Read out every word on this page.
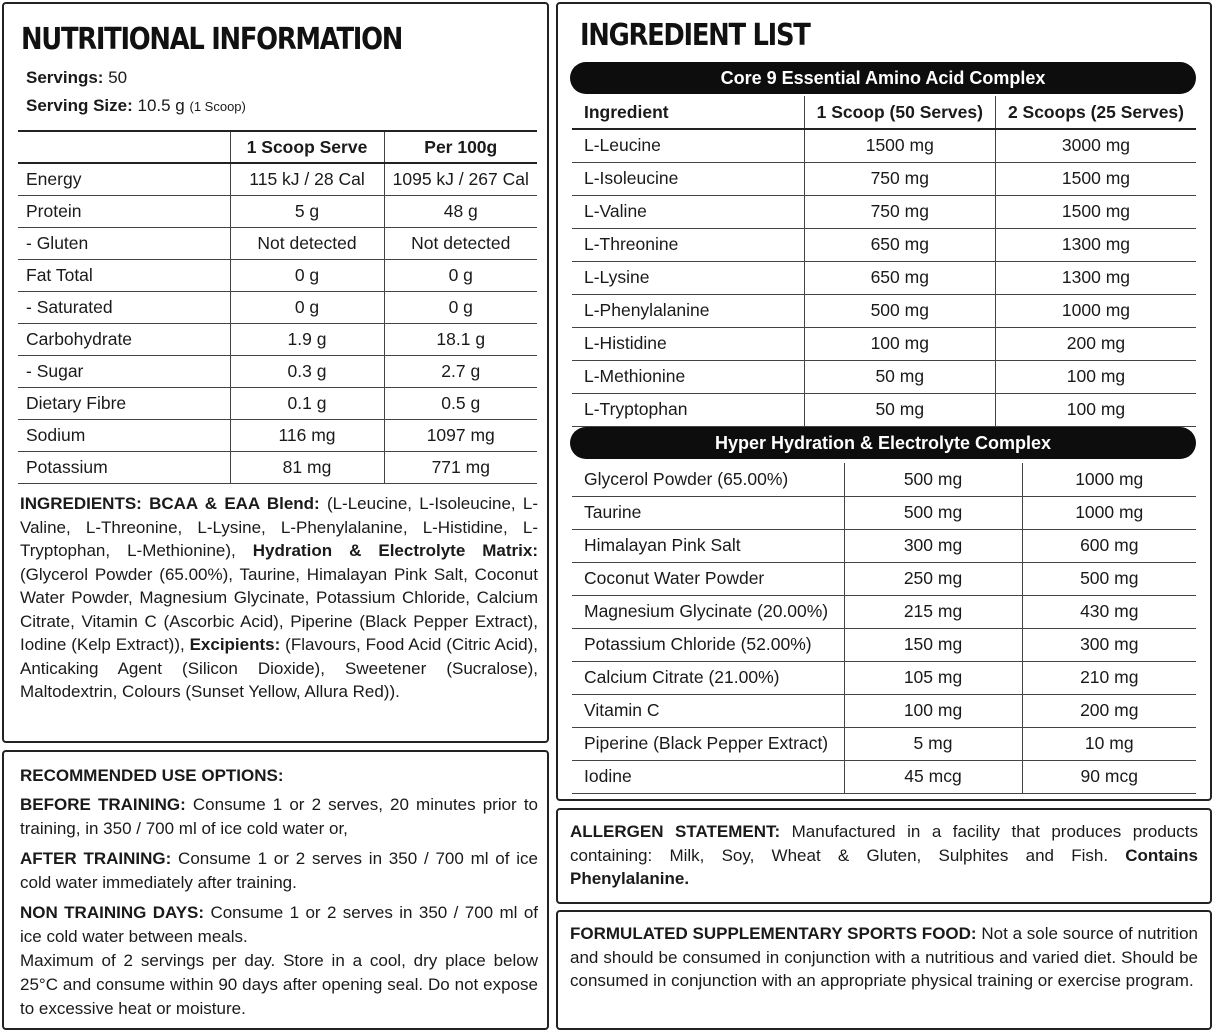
NUTRITIONAL INFORMATION
Servings: 50
Serving Size: 10.5 g (1 Scoop)
	1 Scoop Serve	Per 100g
Energy	115 kJ / 28 Cal	1095 kJ / 267 Cal
Protein	5 g	48 g
- Gluten	Not detected	Not detected
Fat Total	0 g	0 g
- Saturated	0 g	0 g
Carbohydrate	1.9 g	18.1 g
- Sugar	0.3 g	2.7 g
Dietary Fibre	0.1 g	0.5 g
Sodium	116 mg	1097 mg
Potassium	81 mg	771 mg
INGREDIENTS: BCAA & EAA Blend: (L-Leucine, L-Isoleucine, L-Valine, L-Threonine, L-Lysine, L-Phenylalanine, L-Histidine, L-Tryptophan, L-Methionine), Hydration & Electrolyte Matrix: (Glycerol Powder (65.00%), Taurine, Himalayan Pink Salt, Coconut Water Powder, Magnesium Glycinate, Potassium Chloride, Calcium Citrate, Vitamin C (Ascorbic Acid), Piperine (Black Pepper Extract), Iodine (Kelp Extract)), Excipients: (Flavours, Food Acid (Citric Acid), Anticaking Agent (Silicon Dioxide), Sweetener (Sucralose), Maltodextrin, Colours (Sunset Yellow, Allura Red)).
RECOMMENDED USE OPTIONS:
BEFORE TRAINING: Consume 1 or 2 serves, 20 minutes prior to training, in 350 / 700 ml of ice cold water or,
AFTER TRAINING: Consume 1 or 2 serves in 350 / 700 ml of ice cold water immediately after training.
NON TRAINING DAYS: Consume 1 or 2 serves in 350 / 700 ml of ice cold water between meals.
Maximum of 2 servings per day. Store in a cool, dry place below 25°C and consume within 90 days after opening seal. Do not expose to excessive heat or moisture.
INGREDIENT LIST
Core 9 Essential Amino Acid Complex
Ingredient	1 Scoop (50 Serves)	2 Scoops (25 Serves)
L-Leucine	1500 mg	3000 mg
L-Isoleucine	750 mg	1500 mg
L-Valine	750 mg	1500 mg
L-Threonine	650 mg	1300 mg
L-Lysine	650 mg	1300 mg
L-Phenylalanine	500 mg	1000 mg
L-Histidine	100 mg	200 mg
L-Methionine	50 mg	100 mg
L-Tryptophan	50 mg	100 mg
Hyper Hydration & Electrolyte Complex
Glycerol Powder (65.00%)	500 mg	1000 mg
Taurine	500 mg	1000 mg
Himalayan Pink Salt	300 mg	600 mg
Coconut Water Powder	250 mg	500 mg
Magnesium Glycinate (20.00%)	215 mg	430 mg
Potassium Chloride (52.00%)	150 mg	300 mg
Calcium Citrate (21.00%)	105 mg	210 mg
Vitamin C	100 mg	200 mg
Piperine (Black Pepper Extract)	5 mg	10 mg
Iodine	45 mcg	90 mcg
ALLERGEN STATEMENT: Manufactured in a facility that produces products containing: Milk, Soy, Wheat & Gluten, Sulphites and Fish. Contains Phenylalanine.
FORMULATED SUPPLEMENTARY SPORTS FOOD: Not a sole source of nutrition and should be consumed in conjunction with a nutritious and varied diet. Should be consumed in conjunction with an appropriate physical training or exercise program.
